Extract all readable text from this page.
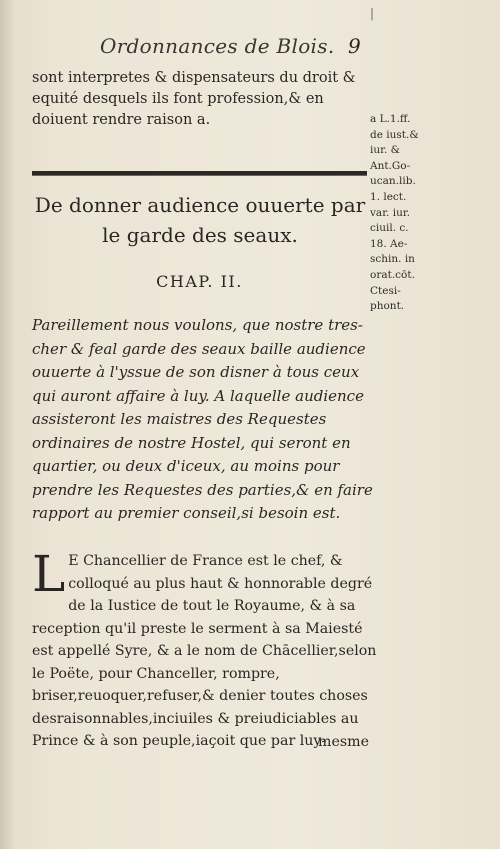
|
Ordonnances de Blois. 9

sont interpretes & dispensateurs du droit & equité desquels ils font profession,& en doiuent rendre raison a.

De donner audience ouuerte par le garde des seaux.
CHAP. II.

Pareillement nous voulons, que nostre tres-cher & feal garde des seaux baille audience ouuerte à l'yssue de son disner à tous ceux qui auront affaire à luy. A laquelle audience assisteront les maistres des Requestes ordinaires de nostre Hostel, qui seront en quartier, ou deux d'iceux, au moins pour prendre les Requestes des parties,& en faire rapport au premier conseil,si besoin est.

L E Chancellier de France est le chef, & colloqué au plus haut & honnorable degré de la Iustice de tout le Royaume, & à sa reception qu'il preste le serment à sa Maiesté est appellé Syre, & a le nom de Chācellier,selon le Poëte, pour Chanceller, rompre, briser,reuoquer,refuser,& denier toutes choses desraisonnables,inciuiles & preiudiciables au Prince & à son peuple,iaçoit que par luy-

mesme

a L.1.ff.
de iust.&
iur. &
Ant.Go-
ucan.lib.
1. lect.
var. iur.
ciuil. c.
18. Ae-
schin. in
orat.cōt.
Ctesi-
phont.
